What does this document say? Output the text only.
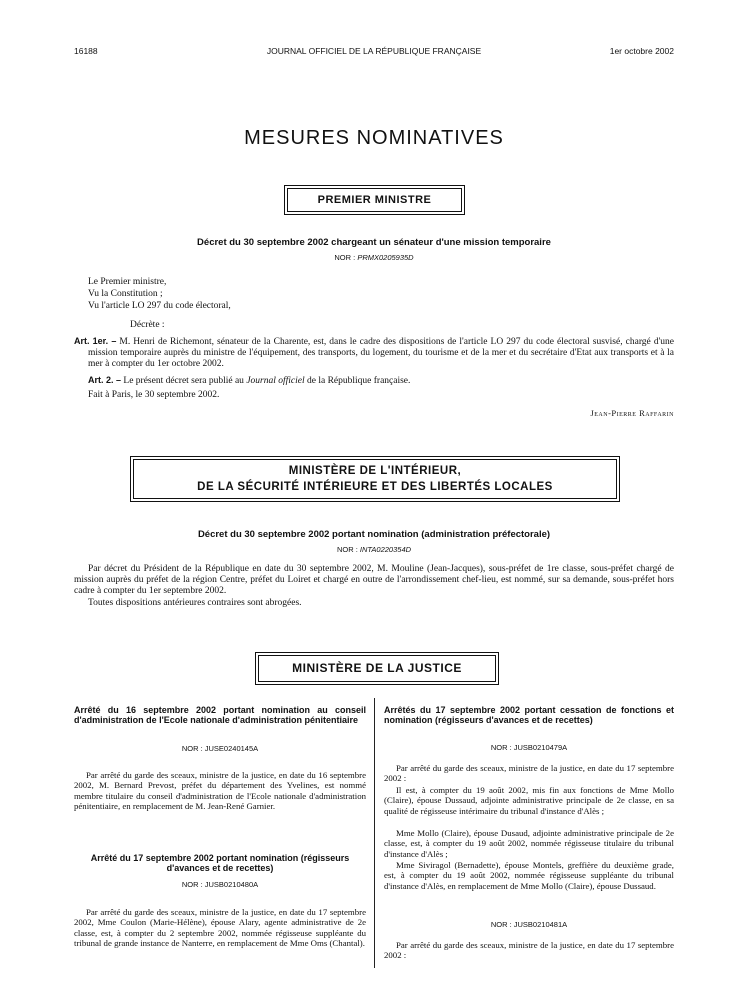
16188	JOURNAL OFFICIEL DE LA RÉPUBLIQUE FRANÇAISE	1er octobre 2002
MESURES NOMINATIVES
PREMIER MINISTRE
Décret du 30 septembre 2002 chargeant un sénateur d'une mission temporaire
NOR : PRMX0205935D

Le Premier ministre,

Vu la Constitution ;

Vu l'article LO 297 du code électoral,

Décrète :

Art. 1er. – M. Henri de Richemont, sénateur de la Charente, est, dans le cadre des dispositions de l'article LO 297 du code électoral susvisé, chargé d'une mission temporaire auprès du ministre de l'équipement, des transports, du logement, du tourisme et de la mer et du secrétaire d'Etat aux transports et à la mer à compter du 1er octobre 2002.

Art. 2. – Le présent décret sera publié au Journal officiel de la République française.

Fait à Paris, le 30 septembre 2002.

Jean-Pierre Raffarin
MINISTÈRE DE L'INTÉRIEUR,
DE LA SÉCURITÉ INTÉRIEURE ET DES LIBERTÉS LOCALES
Décret du 30 septembre 2002 portant nomination (administration préfectorale)
NOR : INTA0220354D

Par décret du Président de la République en date du 30 septembre 2002, M. Mouline (Jean-Jacques), sous-préfet de 1re classe, sous-préfet chargé de mission auprès du préfet de la région Centre, préfet du Loiret et chargé en outre de l'arrondissement chef-lieu, est nommé, sur sa demande, sous-préfet hors cadre à compter du 1er septembre 2002.

Toutes dispositions antérieures contraires sont abrogées.

MINISTÈRE DE LA JUSTICE
Arrêté du 16 septembre 2002 portant nomination au conseil d'administration de l'Ecole nationale d'administration pénitentiaire
NOR : JUSE0240145A

Par arrêté du garde des sceaux, ministre de la justice, en date du 16 septembre 2002, M. Bernard Prevost, préfet du département des Yvelines, est nommé membre titulaire du conseil d'administration de l'Ecole nationale d'administration pénitentiaire, en remplacement de M. Jean-René Garnier.

Arrêté du 17 septembre 2002 portant nomination (régisseurs d'avances et de recettes)
NOR : JUSB0210480A

Par arrêté du garde des sceaux, ministre de la justice, en date du 17 septembre 2002, Mme Coulon (Marie-Hélène), épouse Alary, agente administrative de 2e classe, est, à compter du 2 septembre 2002, nommée régisseuse suppléante du tribunal de grande instance de Nanterre, en remplacement de Mme Oms (Chantal).

Arrêtés du 17 septembre 2002 portant cessation de fonctions et nomination (régisseurs d'avances et de recettes)
NOR : JUSB0210479A

Par arrêté du garde des sceaux, ministre de la justice, en date du 17 septembre 2002 :

Il est, à compter du 19 août 2002, mis fin aux fonctions de Mme Mollo (Claire), épouse Dussaud, adjointe administrative principale de 2e classe, en sa qualité de régisseuse intérimaire du tribunal d'instance d'Alès ;

Mme Mollo (Claire), épouse Dusaud, adjointe administrative principale de 2e classe, est, à compter du 19 août 2002, nommée régisseuse titulaire du tribunal d'instance d'Alès ;

Mme Siviragol (Bernadette), épouse Montels, greffière du deuxième grade, est, à compter du 19 août 2002, nommée régisseuse suppléante du tribunal d'instance d'Alès, en remplacement de Mme Mollo (Claire), épouse Dussaud.

NOR : JUSB0210481A

Par arrêté du garde des sceaux, ministre de la justice, en date du 17 septembre 2002 :
